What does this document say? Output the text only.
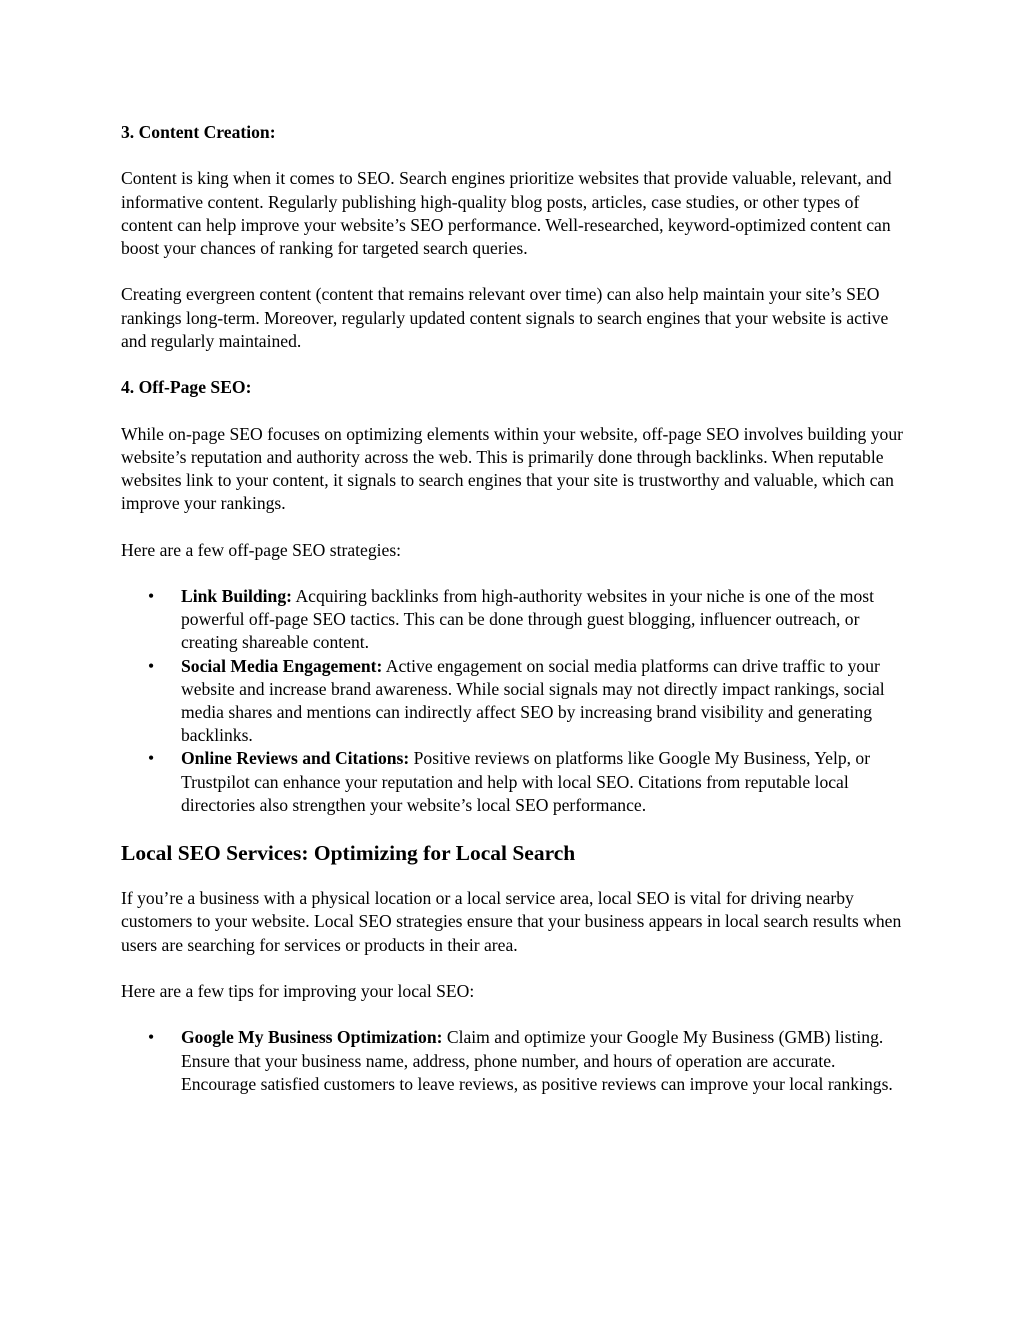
3. Content Creation:

Content is king when it comes to SEO. Search engines prioritize websites that provide valuable, relevant, and informative content. Regularly publishing high-quality blog posts, articles, case studies, or other types of content can help improve your website’s SEO performance. Well-researched, keyword-optimized content can boost your chances of ranking for targeted search queries.

Creating evergreen content (content that remains relevant over time) can also help maintain your site’s SEO rankings long-term. Moreover, regularly updated content signals to search engines that your website is active and regularly maintained.

4. Off-Page SEO:

While on-page SEO focuses on optimizing elements within your website, off-page SEO involves building your website’s reputation and authority across the web. This is primarily done through backlinks. When reputable websites link to your content, it signals to search engines that your site is trustworthy and valuable, which can improve your rankings.

Here are a few off-page SEO strategies:

• Link Building: Acquiring backlinks from high-authority websites in your niche is one of the most powerful off-page SEO tactics. This can be done through guest blogging, influencer outreach, or creating shareable content.
• Social Media Engagement: Active engagement on social media platforms can drive traffic to your website and increase brand awareness. While social signals may not directly impact rankings, social media shares and mentions can indirectly affect SEO by increasing brand visibility and generating backlinks.
• Online Reviews and Citations: Positive reviews on platforms like Google My Business, Yelp, or Trustpilot can enhance your reputation and help with local SEO. Citations from reputable local directories also strengthen your website’s local SEO performance.

Local SEO Services: Optimizing for Local Search

If you’re a business with a physical location or a local service area, local SEO is vital for driving nearby customers to your website. Local SEO strategies ensure that your business appears in local search results when users are searching for services or products in their area.

Here are a few tips for improving your local SEO:

• Google My Business Optimization: Claim and optimize your Google My Business (GMB) listing. Ensure that your business name, address, phone number, and hours of operation are accurate. Encourage satisfied customers to leave reviews, as positive reviews can improve your local rankings.
